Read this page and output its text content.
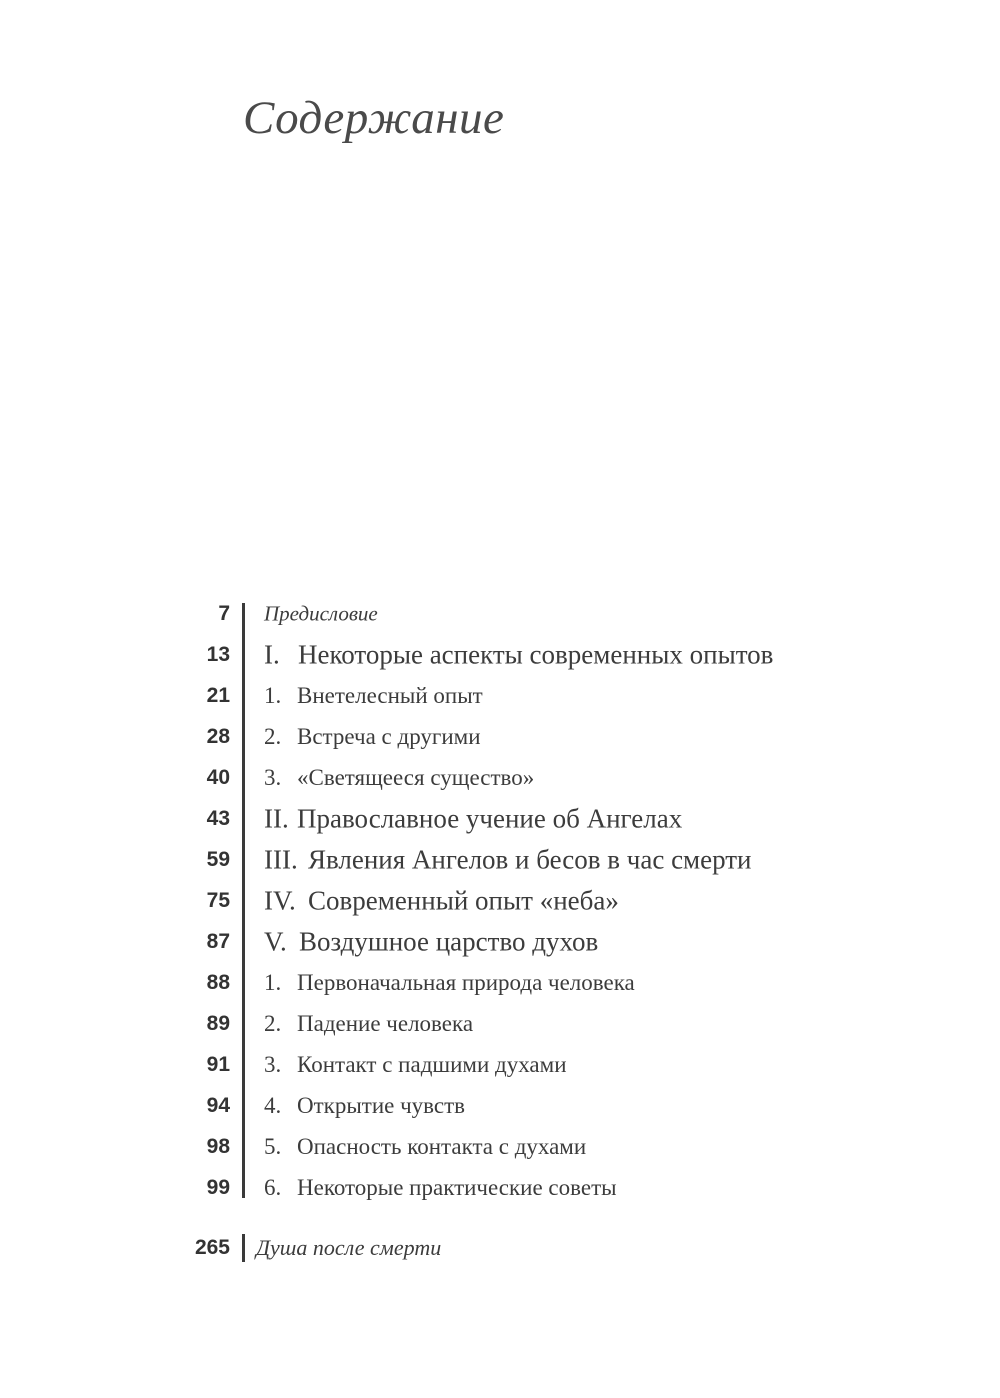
Содержание
7 Предисловие
13 I. Некоторые аспекты современных опытов
21 1. Внетелесный опыт
28 2. Встреча с другими
40 3. «Светящееся существо»
43 II. Православное учение об Ангелах
59 III. Явления Ангелов и бесов в час смерти
75 IV. Современный опыт «неба»
87 V. Воздушное царство духов
88 1. Первоначальная природа человека
89 2. Падение человека
91 3. Контакт с падшими духами
94 4. Открытие чувств
98 5. Опасность контакта с духами
99 6. Некоторые практические советы
265 Душа после смерти
